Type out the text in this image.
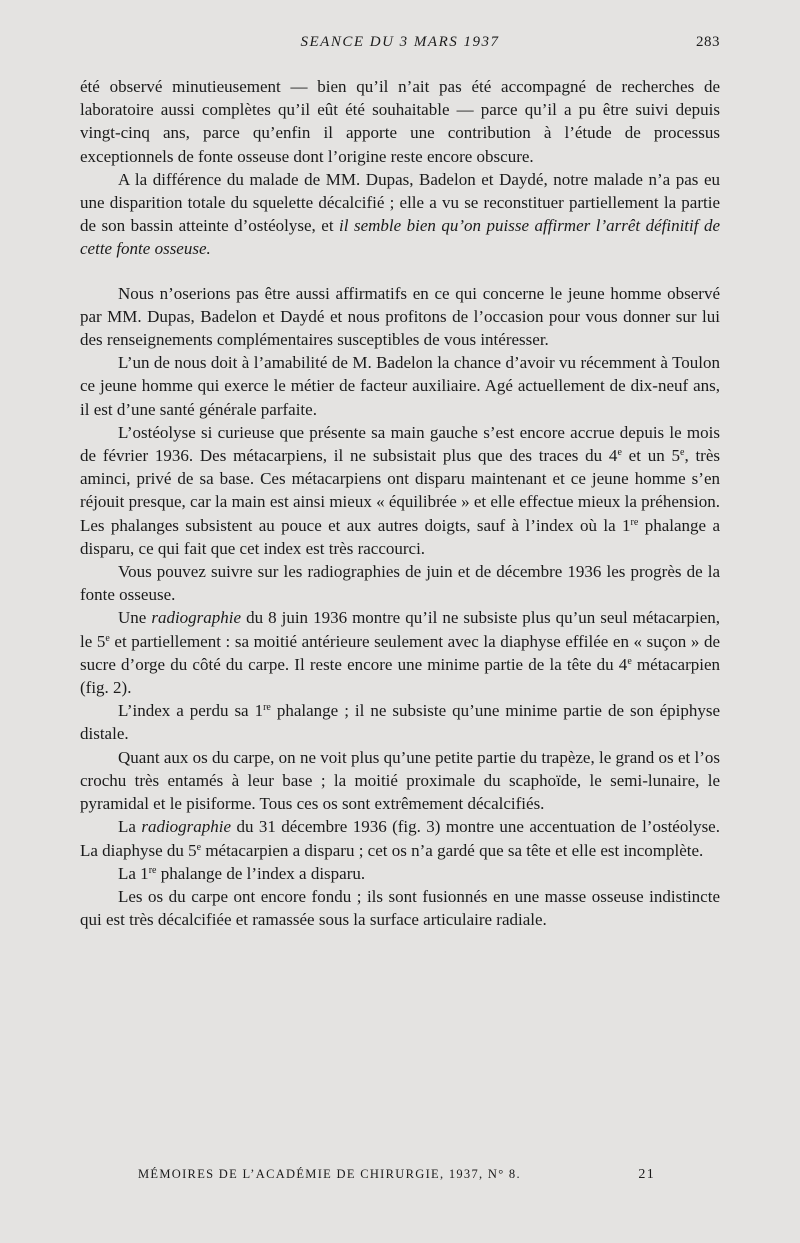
SEANCE DU 3 MARS 1937	283

été observé minutieusement — bien qu’il n’ait pas été accompagné de recherches de laboratoire aussi complètes qu’il eût été souhaitable — parce qu’il a pu être suivi depuis vingt-cinq ans, parce qu’enfin il apporte une contribution à l’étude de processus exceptionnels de fonte osseuse dont l’origine reste encore obscure.

A la différence du malade de MM. Dupas, Badelon et Daydé, notre malade n’a pas eu une disparition totale du squelette décalcifié ; elle a vu se reconstituer partiellement la partie de son bassin atteinte d’ostéolyse, et il semble bien qu’on puisse affirmer l’arrêt définitif de cette fonte osseuse.

Nous n’oserions pas être aussi affirmatifs en ce qui concerne le jeune homme observé par MM. Dupas, Badelon et Daydé et nous profitons de l’occasion pour vous donner sur lui des renseignements complémentaires susceptibles de vous intéresser.

L’un de nous doit à l’amabilité de M. Badelon la chance d’avoir vu récemment à Toulon ce jeune homme qui exerce le métier de facteur auxiliaire. Agé actuellement de dix-neuf ans, il est d’une santé générale parfaite.

L’ostéolyse si curieuse que présente sa main gauche s’est encore accrue depuis le mois de février 1936. Des métacarpiens, il ne subsistait plus que des traces du 4e et un 5e, très aminci, privé de sa base. Ces métacarpiens ont disparu maintenant et ce jeune homme s’en réjouit presque, car la main est ainsi mieux « équilibrée » et elle effectue mieux la préhension. Les phalanges subsistent au pouce et aux autres doigts, sauf à l’index où la 1re phalange a disparu, ce qui fait que cet index est très raccourci.

Vous pouvez suivre sur les radiographies de juin et de décembre 1936 les progrès de la fonte osseuse.

Une radiographie du 8 juin 1936 montre qu’il ne subsiste plus qu’un seul métacarpien, le 5e et partiellement : sa moitié antérieure seulement avec la diaphyse effilée en « suçon » de sucre d’orge du côté du carpe. Il reste encore une minime partie de la tête du 4e métacarpien (fig. 2).

L’index a perdu sa 1re phalange ; il ne subsiste qu’une minime partie de son épiphyse distale.

Quant aux os du carpe, on ne voit plus qu’une petite partie du trapèze, le grand os et l’os crochu très entamés à leur base ; la moitié proximale du scaphoïde, le semi-lunaire, le pyramidal et le pisiforme. Tous ces os sont extrêmement décalcifiés.

La radiographie du 31 décembre 1936 (fig. 3) montre une accentuation de l’ostéolyse. La diaphyse du 5e métacarpien a disparu ; cet os n’a gardé que sa tête et elle est incomplète.

La 1re phalange de l’index a disparu.

Les os du carpe ont encore fondu ; ils sont fusionnés en une masse osseuse indistincte qui est très décalcifiée et ramassée sous la surface articulaire radiale.

MÉMOIRES DE L’ACADÉMIE DE CHIRURGIE, 1937, N° 8.	21
